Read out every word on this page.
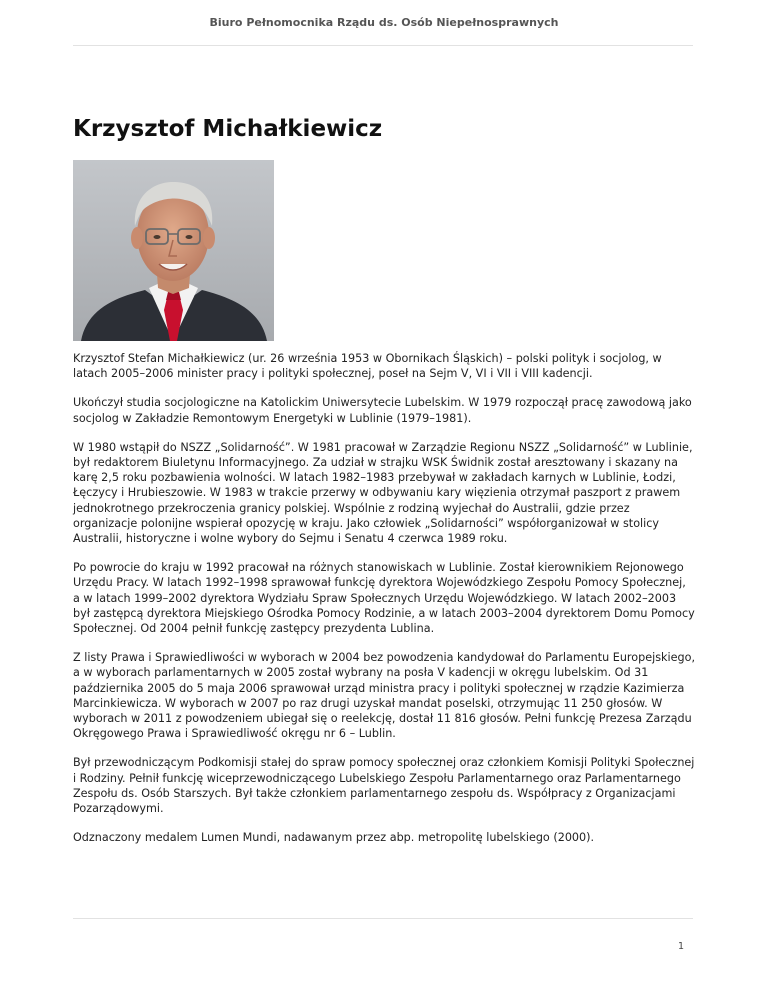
Biuro Pełnomocnika Rządu ds. Osób Niepełnosprawnych
Krzysztof Michałkiewicz

Krzysztof Stefan Michałkiewicz (ur. 26 września 1953 w Obornikach Śląskich) – polski polityk i socjolog, w latach 2005–2006 minister pracy i polityki społecznej, poseł na Sejm V, VI i VII i VIII kadencji.

Ukończył studia socjologiczne na Katolickim Uniwersytecie Lubelskim. W 1979 rozpoczął pracę zawodową jako socjolog w Zakładzie Remontowym Energetyki w Lublinie (1979–1981).

W 1980 wstąpił do NSZZ „Solidarność”. W 1981 pracował w Zarządzie Regionu NSZZ „Solidarność” w Lublinie, był redaktorem Biuletynu Informacyjnego. Za udział w strajku WSK Świdnik został aresztowany i skazany na karę 2,5 roku pozbawienia wolności. W latach 1982–1983 przebywał w zakładach karnych w Lublinie, Łodzi, Łęczycy i Hrubieszowie. W 1983 w trakcie przerwy w odbywaniu kary więzienia otrzymał paszport z prawem jednokrotnego przekroczenia granicy polskiej. Wspólnie z rodziną wyjechał do Australii, gdzie przez organizacje polonijne wspierał opozycję w kraju. Jako człowiek „Solidarności” współorganizował w stolicy Australii, historyczne i wolne wybory do Sejmu i Senatu 4 czerwca 1989 roku.

Po powrocie do kraju w 1992 pracował na różnych stanowiskach w Lublinie. Został kierownikiem Rejonowego Urzędu Pracy. W latach 1992–1998 sprawował funkcję dyrektora Wojewódzkiego Zespołu Pomocy Społecznej, a w latach 1999–2002 dyrektora Wydziału Spraw Społecznych Urzędu Wojewódzkiego. W latach 2002–2003 był zastępcą dyrektora Miejskiego Ośrodka Pomocy Rodzinie, a w latach 2003–2004 dyrektorem Domu Pomocy Społecznej. Od 2004 pełnił funkcję zastępcy prezydenta Lublina.

Z listy Prawa i Sprawiedliwości w wyborach w 2004 bez powodzenia kandydował do Parlamentu Europejskiego, a w wyborach parlamentarnych w 2005 został wybrany na posła V kadencji w okręgu lubelskim. Od 31 października 2005 do 5 maja 2006 sprawował urząd ministra pracy i polityki społecznej w rządzie Kazimierza Marcinkiewicza. W wyborach w 2007 po raz drugi uzyskał mandat poselski, otrzymując 11 250 głosów. W wyborach w 2011 z powodzeniem ubiegał się o reelekcję, dostał 11 816 głosów. Pełni funkcję Prezesa Zarządu Okręgowego Prawa i Sprawiedliwość okręgu nr 6 – Lublin.

Był przewodniczącym Podkomisji stałej do spraw pomocy społecznej oraz członkiem Komisji Polityki Społecznej i Rodziny. Pełnił funkcję wiceprzewodniczącego Lubelskiego Zespołu Parlamentarnego oraz Parlamentarnego Zespołu ds. Osób Starszych. Był także członkiem parlamentarnego zespołu ds. Współpracy z Organizacjami Pozarządowymi.

Odznaczony medalem Lumen Mundi, nadawanym przez abp. metropolitę lubelskiego (2000).

1
